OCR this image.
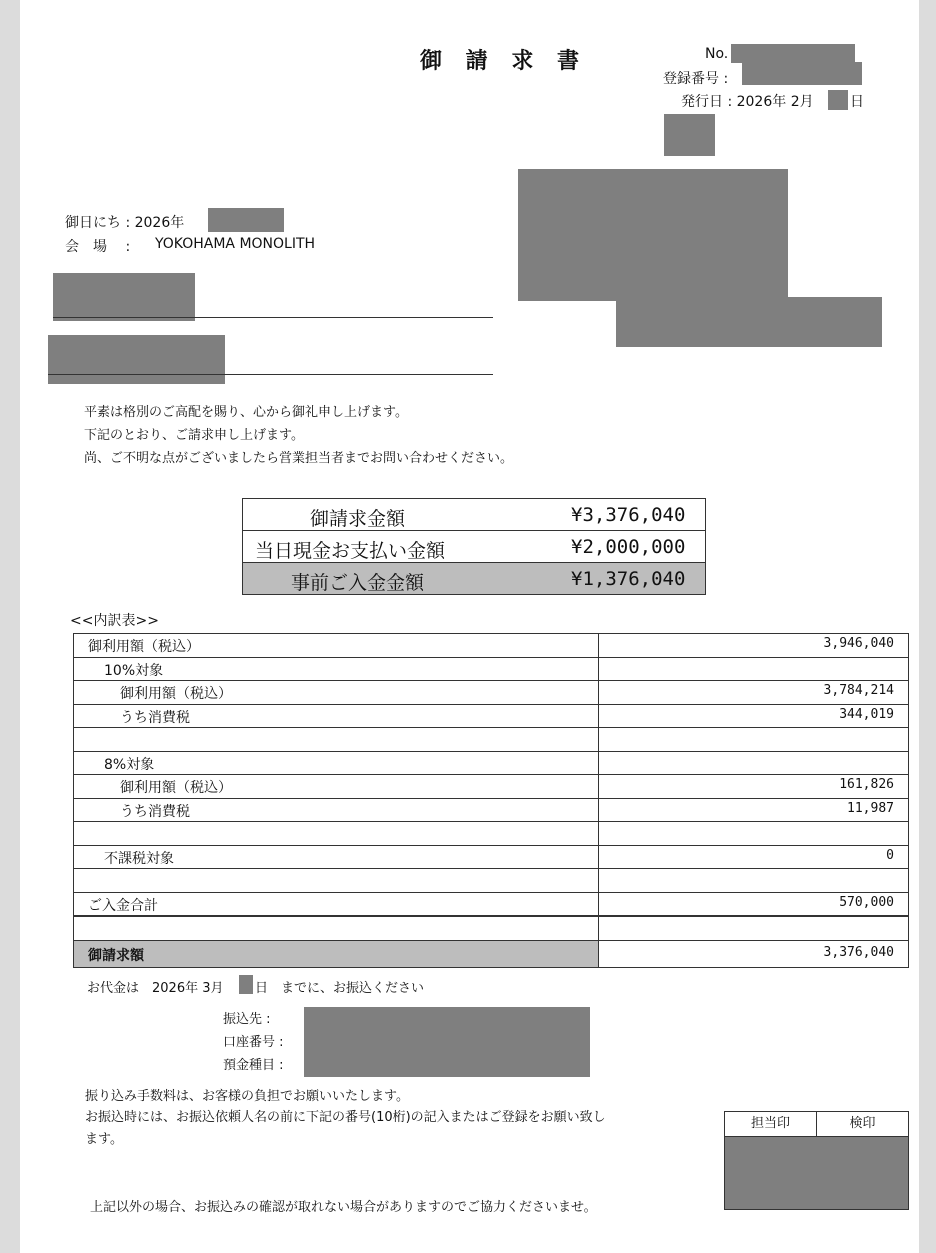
御 請 求 書	No.
登録番号 :
発行日 : 2026年 2月	日
御日にち : 2026年
会　場　 : YOKOHAMA MONOLITH
平素は格別のご高配を賜り、心から御礼申し上げます。
下記のとおり、ご請求申し上げます。
尚、ご不明な点がございましたら営業担当者までお問い合わせください。
御請求金額	¥3,376,040
当日現金お支払い金額	¥2,000,000
事前ご入金金額	¥1,376,040
<<内訳表>>
御利用額（税込）	3,946,040
10%対象
御利用額（税込）	3,784,214
うち消費税	344,019
8%対象
御利用額（税込）	161,826
うち消費税	11,987
不課税対象	0
ご入金合計	570,000
御請求額	3,376,040
お代金は　2026年 3月 日　までに、お振込ください
振込先 :
口座番号 :
預金種目 :
振り込み手数料は、お客様の負担でお願いいたします。
お振込時には、お振込依頼人名の前に下記の番号(10桁)の記入またはご登録をお願い致し
ます。
上記以外の場合、お振込みの確認が取れない場合がありますのでご協力くださいませ。
担当印	検印
